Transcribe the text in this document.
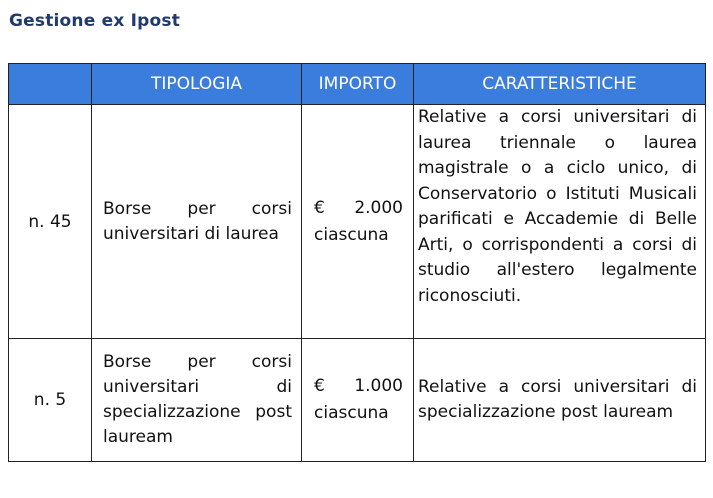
Gestione ex Ipost
	TIPOLOGIA	IMPORTO	CARATTERISTICHE
n. 45	Borse per corsi universitari di laurea	€ 2.000 ciascuna	Relative a corsi universitari di laurea triennale o laurea magistrale o a ciclo unico, di Conservatorio o Istituti Musicali parificati e Accademie di Belle Arti, o corrispondenti a corsi di studio all'estero legalmente riconosciuti.

n. 5	Borse per corsi universitari di specializzazione post lauream	€ 1.000 ciascuna	Relative a corsi universitari di specializzazione post lauream
